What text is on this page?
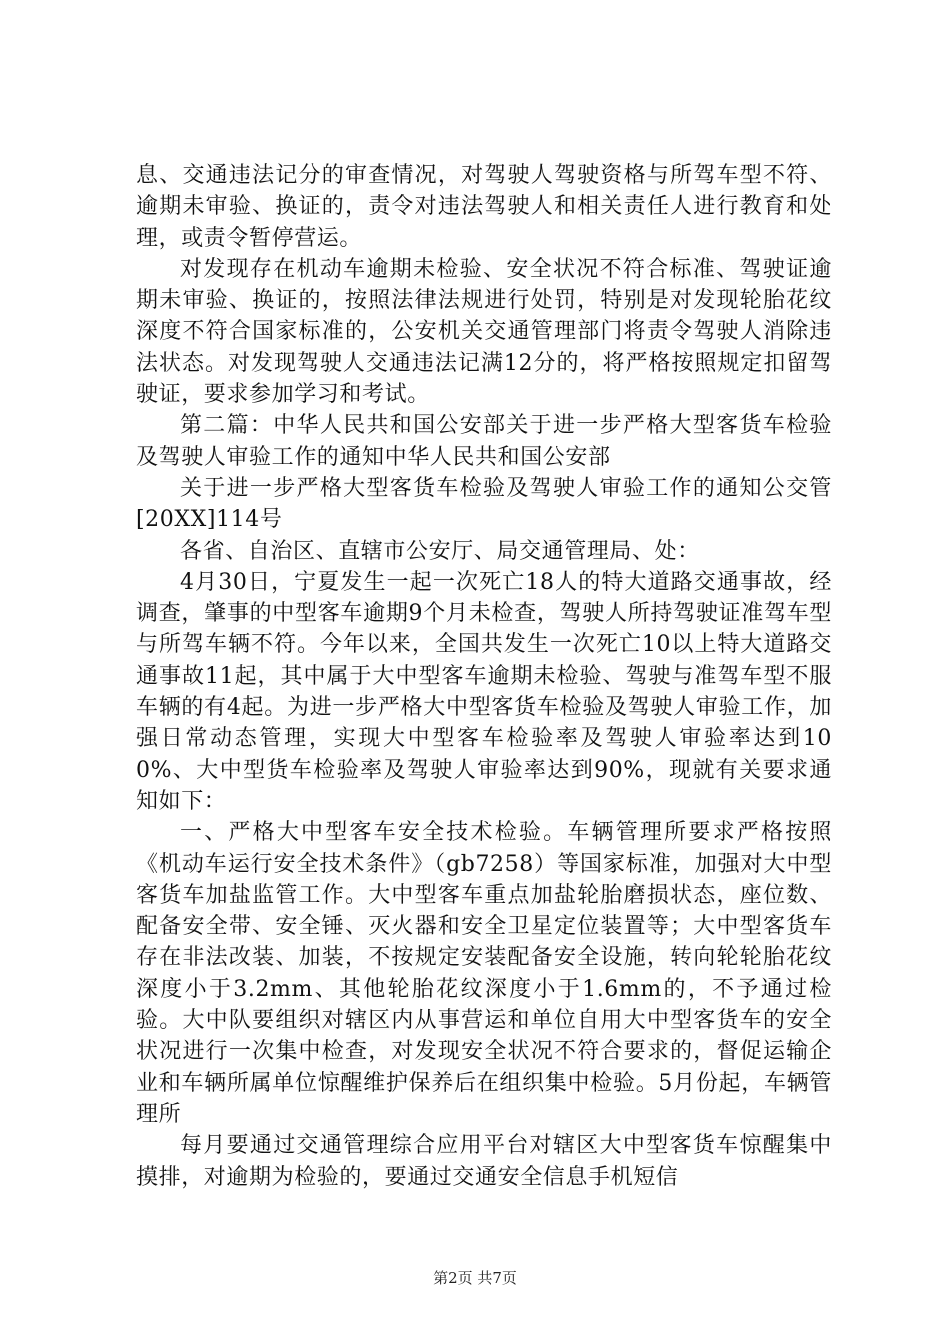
息、交通违法记分的审查情况，对驾驶人驾驶资格与所驾车型不符、逾期未审验、换证的，责令对违法驾驶人和相关责任人进行教育和处理，或责令暂停营运。

对发现存在机动车逾期未检验、安全状况不符合标准、驾驶证逾期未审验、换证的，按照法律法规进行处罚，特别是对发现轮胎花纹深度不符合国家标准的，公安机关交通管理部门将责令驾驶人消除违法状态。对发现驾驶人交通违法记满12分的，将严格按照规定扣留驾驶证，要求参加学习和考试。

第二篇：中华人民共和国公安部关于进一步严格大型客货车检验及驾驶人审验工作的通知中华人民共和国公安部

关于进一步严格大型客货车检验及驾驶人审验工作的通知公交管[20XX]114号

各省、自治区、直辖市公安厅、局交通管理局、处：

4月30日，宁夏发生一起一次死亡18人的特大道路交通事故，经调查，肇事的中型客车逾期9个月未检查，驾驶人所持驾驶证准驾车型与所驾车辆不符。今年以来，全国共发生一次死亡10以上特大道路交通事故11起，其中属于大中型客车逾期未检验、驾驶与准驾车型不服车辆的有4起。为进一步严格大中型客货车检验及驾驶人审验工作，加强日常动态管理，实现大中型客车检验率及驾驶人审验率达到100%、大中型货车检验率及驾驶人审验率达到90%，现就有关要求通知如下：

一、严格大中型客车安全技术检验。车辆管理所要求严格按照《机动车运行安全技术条件》（gb7258）等国家标准，加强对大中型客货车加盐监管工作。大中型客车重点加盐轮胎磨损状态，座位数、配备安全带、安全锤、灭火器和安全卫星定位装置等；大中型客货车存在非法改装、加装，不按规定安装配备安全设施，转向轮轮胎花纹深度小于3.2mm、其他轮胎花纹深度小于1.6mm的，不予通过检验。大中队要组织对辖区内从事营运和单位自用大中型客货车的安全状况进行一次集中检查，对发现安全状况不符合要求的，督促运输企业和车辆所属单位惊醒维护保养后在组织集中检验。5月份起，车辆管理所

每月要通过交通管理综合应用平台对辖区大中型客货车惊醒集中摸排，对逾期为检验的，要通过交通安全信息手机短信

第2页 共7页
